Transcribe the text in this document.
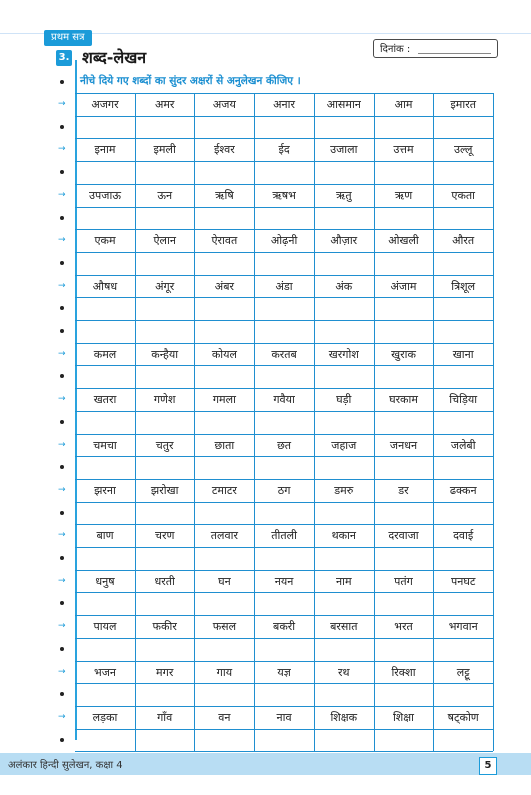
प्रथम सत्र
3. शब्द-लेखन	दिनांक :
नीचे दिये गए शब्दों का सुंदर अक्षरों से अनुलेखन कीजिए ।
अजगर	अमर	अजय	अनार	आसमान	आम	इमारत
इनाम	इमली	ईश्वर	ईद	उजाला	उत्तम	उल्लू
उपजाऊ	ऊन	ऋषि	ऋषभ	ऋतु	ऋण	एकता
एकम	ऐलान	ऐरावत	ओढ़नी	औज़ार	ओखली	औरत
औषध	अंगूर	अंबर	अंडा	अंक	अंजाम	त्रिशूल
कमल	कन्हैया	कोयल	करतब	खरगोश	खुराक	खाना
खतरा	गणेश	गमला	गवैया	घड़ी	घरकाम	चिड़िया
चमचा	चतुर	छाता	छत	जहाज	जनधन	जलेबी
झरना	झरोखा	टमाटर	ठग	डमरु	डर	ढक्कन
बाण	चरण	तलवार	तीतली	थकान	दरवाजा	दवाई
धनुष	धरती	घन	नयन	नाम	पतंग	पनघट
पायल	फकीर	फसल	बकरी	बरसात	भरत	भगवान
भजन	मगर	गाय	यज्ञ	रथ	रिक्शा	लट्टू
लड़का	गाँव	वन	नाव	शिक्षक	शिक्षा	षट्कोण
→
→
→
→
→
→
→
→
→
→
→
→
→
→
अलंकार हिन्दी सुलेखन, कक्षा 4	5
